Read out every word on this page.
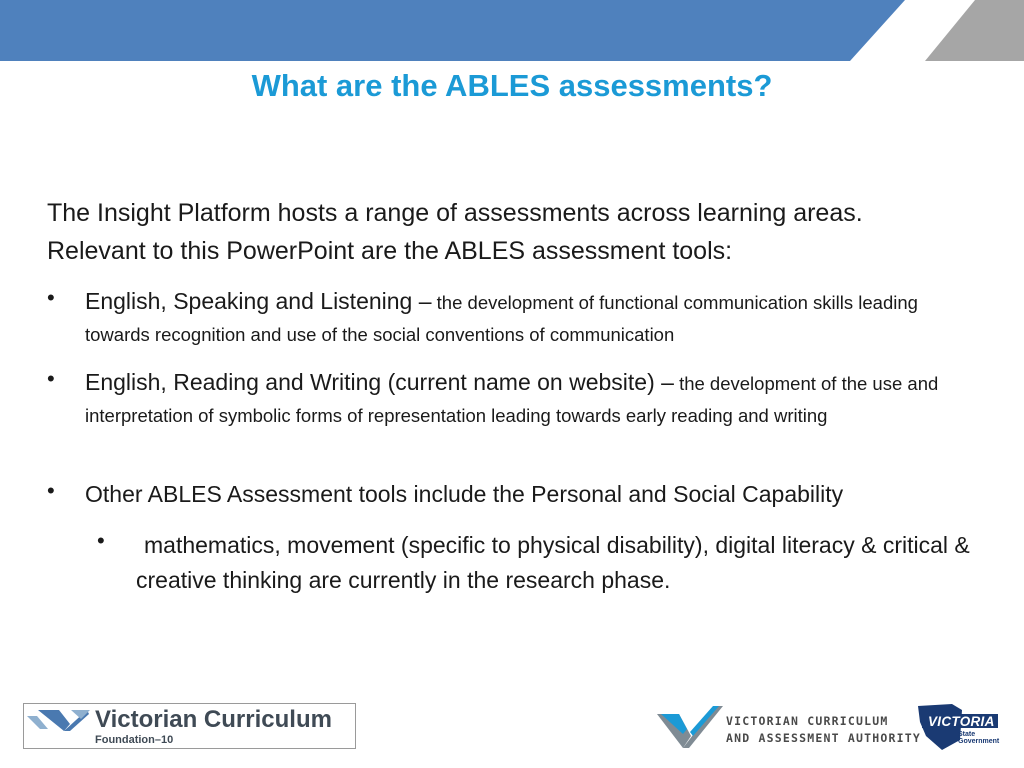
What are the ABLES assessments?

The Insight Platform hosts a range of assessments across learning areas.

Relevant to this PowerPoint are the ABLES assessment tools:

• English, Speaking and Listening – the development of functional communication skills leading towards recognition and use of the social conventions of communication
• English, Reading and Writing (current name on website) – the development of the use and interpretation of symbolic forms of representation leading towards early reading and writing
• Other ABLES Assessment tools include the Personal and Social Capability
•	mathematics, movement (specific to physical disability), digital literacy & critical & creative thinking are currently in the research phase.
Victorian Curriculum
Foundation–10
VICTORIAN CURRICULUM
AND ASSESSMENT AUTHORITY
VICTORIA
State
Government
